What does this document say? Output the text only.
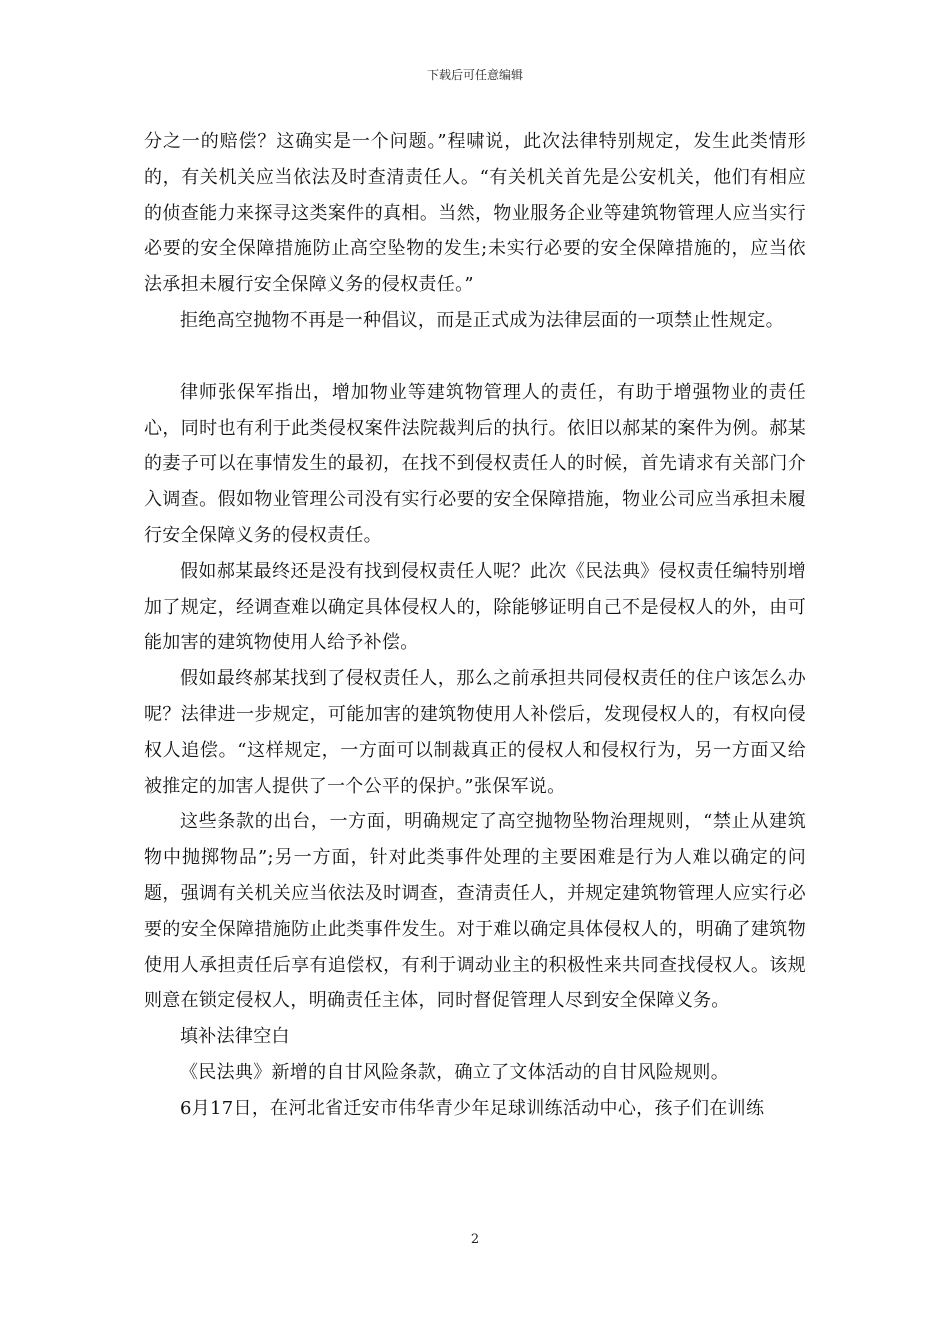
下载后可任意编辑

分之一的赔偿？这确实是一个问题。”程啸说，此次法律特别规定，发生此类情形的，有关机关应当依法及时查清责任人。“有关机关首先是公安机关，他们有相应的侦查能力来探寻这类案件的真相。当然，物业服务企业等建筑物管理人应当实行必要的安全保障措施防止高空坠物的发生;未实行必要的安全保障措施的，应当依法承担未履行安全保障义务的侵权责任。”

拒绝高空抛物不再是一种倡议，而是正式成为法律层面的一项禁止性规定。

律师张保军指出，增加物业等建筑物管理人的责任，有助于增强物业的责任心，同时也有利于此类侵权案件法院裁判后的执行。依旧以郝某的案件为例。郝某的妻子可以在事情发生的最初，在找不到侵权责任人的时候，首先请求有关部门介入调查。假如物业管理公司没有实行必要的安全保障措施，物业公司应当承担未履行安全保障义务的侵权责任。

假如郝某最终还是没有找到侵权责任人呢？此次《民法典》侵权责任编特别增加了规定，经调查难以确定具体侵权人的，除能够证明自己不是侵权人的外，由可能加害的建筑物使用人给予补偿。

假如最终郝某找到了侵权责任人，那么之前承担共同侵权责任的住户该怎么办呢？法律进一步规定，可能加害的建筑物使用人补偿后，发现侵权人的，有权向侵权人追偿。“这样规定，一方面可以制裁真正的侵权人和侵权行为，另一方面又给被推定的加害人提供了一个公平的保护。”张保军说。

这些条款的出台，一方面，明确规定了高空抛物坠物治理规则，“禁止从建筑物中抛掷物品”;另一方面，针对此类事件处理的主要困难是行为人难以确定的问题，强调有关机关应当依法及时调查，查清责任人，并规定建筑物管理人应实行必要的安全保障措施防止此类事件发生。对于难以确定具体侵权人的，明确了建筑物使用人承担责任后享有追偿权，有利于调动业主的积极性来共同查找侵权人。该规则意在锁定侵权人，明确责任主体，同时督促管理人尽到安全保障义务。

填补法律空白

《民法典》新增的自甘风险条款，确立了文体活动的自甘风险规则。

6月17日，在河北省迁安市伟华青少年足球训练活动中心，孩子们在训练

2
